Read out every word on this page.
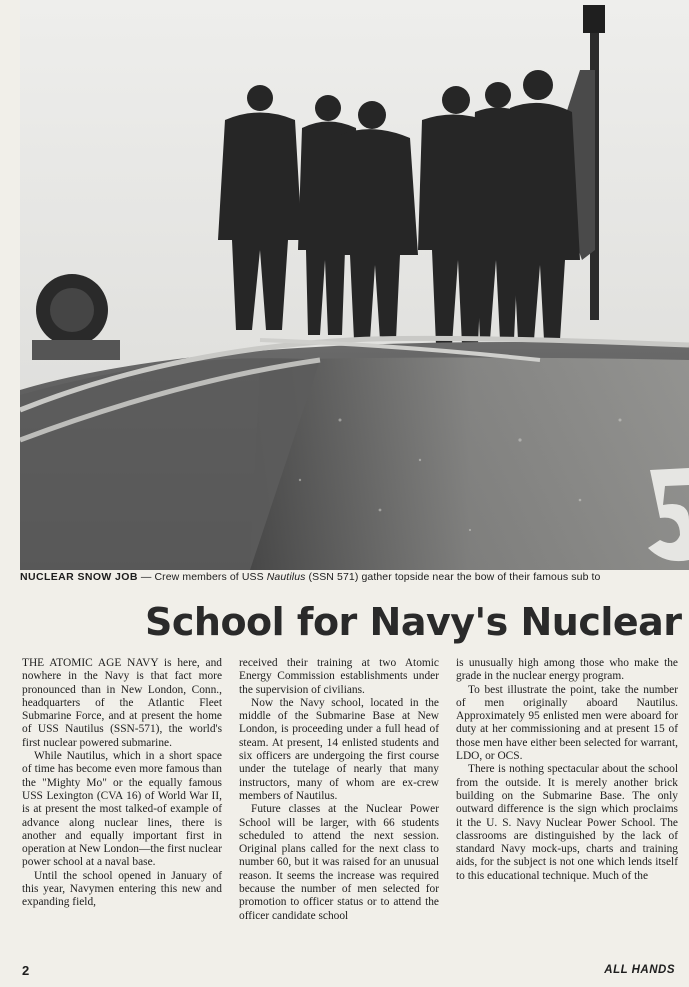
NUCLEAR SNOW JOB — Crew members of USS Nautilus (SSN 571) gather topside near the bow of their famous sub to
School for Navy's Nuclear

THE ATOMIC AGE NAVY is here, and nowhere in the Navy is that fact more pronounced than in New London, Conn., headquarters of the Atlantic Fleet Submarine Force, and at present the home of USS Nautilus (SSN-571), the world's first nuclear powered submarine.

While Nautilus, which in a short space of time has become even more famous than the "Mighty Mo" or the equally famous USS Lexington (CVA 16) of World War II, is at present the most talked-of example of advance along nuclear lines, there is another and equally important first in operation at New London—the first nuclear power school at a naval base.

Until the school opened in January of this year, Navymen entering this new and expanding field,

received their training at two Atomic Energy Commission establishments under the supervision of civilians.

Now the Navy school, located in the middle of the Submarine Base at New London, is proceeding under a full head of steam. At present, 14 enlisted students and six officers are undergoing the first course under the tutelage of nearly that many instructors, many of whom are ex-crew members of Nautilus.

Future classes at the Nuclear Power School will be larger, with 66 students scheduled to attend the next session. Original plans called for the next class to number 60, but it was raised for an unusual reason. It seems the increase was required because the number of men selected for promotion to officer status or to attend the officer candidate school

is unusually high among those who make the grade in the nuclear energy program.

To best illustrate the point, take the number of men originally aboard Nautilus. Approximately 95 enlisted men were aboard for duty at her commissioning and at present 15 of those men have either been selected for warrant, LDO, or OCS.

There is nothing spectacular about the school from the outside. It is merely another brick building on the Submarine Base. The only outward difference is the sign which proclaims it the U. S. Navy Nuclear Power School. The classrooms are distinguished by the lack of standard Navy mock-ups, charts and training aids, for the subject is not one which lends itself to this educational technique. Much of the

2	ALL HANDS
